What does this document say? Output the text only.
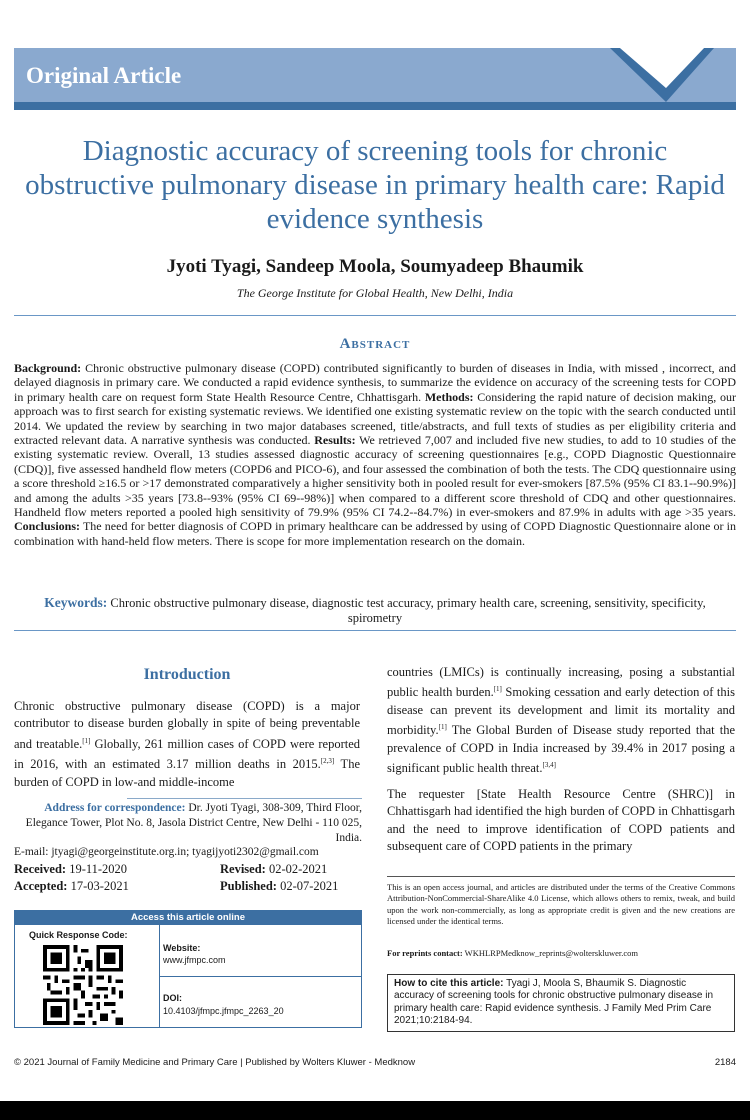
Original Article
Diagnostic accuracy of screening tools for chronic obstructive pulmonary disease in primary health care: Rapid evidence synthesis
Jyoti Tyagi, Sandeep Moola, Soumyadeep Bhaumik
The George Institute for Global Health, New Delhi, India
Abstract
Background: Chronic obstructive pulmonary disease (COPD) contributed significantly to burden of diseases in India, with missed , incorrect, and delayed diagnosis in primary care. We conducted a rapid evidence synthesis, to summarize the evidence on accuracy of the screening tests for COPD in primary health care on request form State Health Resource Centre, Chhattisgarh. Methods: Considering the rapid nature of decision making, our approach was to first search for existing systematic reviews. We identified one existing systematic review on the topic with the search conducted until 2014. We updated the review by searching in two major databases screened, title/abstracts, and full texts of studies as per eligibility criteria and extracted relevant data. A narrative synthesis was conducted. Results: We retrieved 7,007 and included five new studies, to add to 10 studies of the existing systematic review. Overall, 13 studies assessed diagnostic accuracy of screening questionnaires [e.g., COPD Diagnostic Questionnaire (CDQ)], five assessed handheld flow meters (COPD6 and PICO-6), and four assessed the combination of both the tests. The CDQ questionnaire using a score threshold ≥16.5 or >17 demonstrated comparatively a higher sensitivity both in pooled result for ever-smokers [87.5% (95% CI 83.1--90.9%)] and among the adults >35 years [73.8--93% (95% CI 69--98%)] when compared to a different score threshold of CDQ and other questionnaires. Handheld flow meters reported a pooled high sensitivity of 79.9% (95% CI 74.2--84.7%) in ever-smokers and 87.9% in adults with age >35 years. Conclusions: The need for better diagnosis of COPD in primary healthcare can be addressed by using of COPD Diagnostic Questionnaire alone or in combination with hand-held flow meters. There is scope for more implementation research on the domain.
Keywords: Chronic obstructive pulmonary disease, diagnostic test accuracy, primary health care, screening, sensitivity, specificity, spirometry
Introduction
Chronic obstructive pulmonary disease (COPD) is a major contributor to disease burden globally in spite of being preventable and treatable.[1] Globally, 261 million cases of COPD were reported in 2016, with an estimated 3.17 million deaths in 2015.[2,3] The burden of COPD in low-and middle-income
countries (LMICs) is continually increasing, posing a substantial public health burden.[1] Smoking cessation and early detection of this disease can prevent its development and limit its mortality and morbidity.[1] The Global Burden of Disease study reported that the prevalence of COPD in India increased by 39.4% in 2017 posing a significant public health threat.[3,4]
The requester [State Health Resource Centre (SHRC)] in Chhattisgarh had identified the high burden of COPD in Chhattisgarh and the need to improve identification of COPD patients and subsequent care of COPD patients in the primary
Address for correspondence: Dr. Jyoti Tyagi, 308-309, Third Floor, Elegance Tower, Plot No. 8, Jasola District Centre, New Delhi - 110 025, India.
E-mail: jtyagi@georgeinstitute.org.in; tyagijyoti2302@gmail.com
Received: 19-11-2020	Revised: 02-02-2021
Accepted: 17-03-2021	Published: 02-07-2021
Access this article online
Quick Response Code:
Website:
www.jfmpc.com
DOI:
10.4103/jfmpc.jfmpc_2263_20
This is an open access journal, and articles are distributed under the terms of the Creative Commons Attribution-NonCommercial-ShareAlike 4.0 License, which allows others to remix, tweak, and build upon the work non-commercially, as long as appropriate credit is given and the new creations are licensed under the identical terms.
For reprints contact: WKHLRPMedknow_reprints@wolterskluwer.com
How to cite this article: Tyagi J, Moola S, Bhaumik S. Diagnostic accuracy of screening tools for chronic obstructive pulmonary disease in primary health care: Rapid evidence synthesis. J Family Med Prim Care 2021;10:2184-94.
© 2021 Journal of Family Medicine and Primary Care | Published by Wolters Kluwer - Medknow	2184
